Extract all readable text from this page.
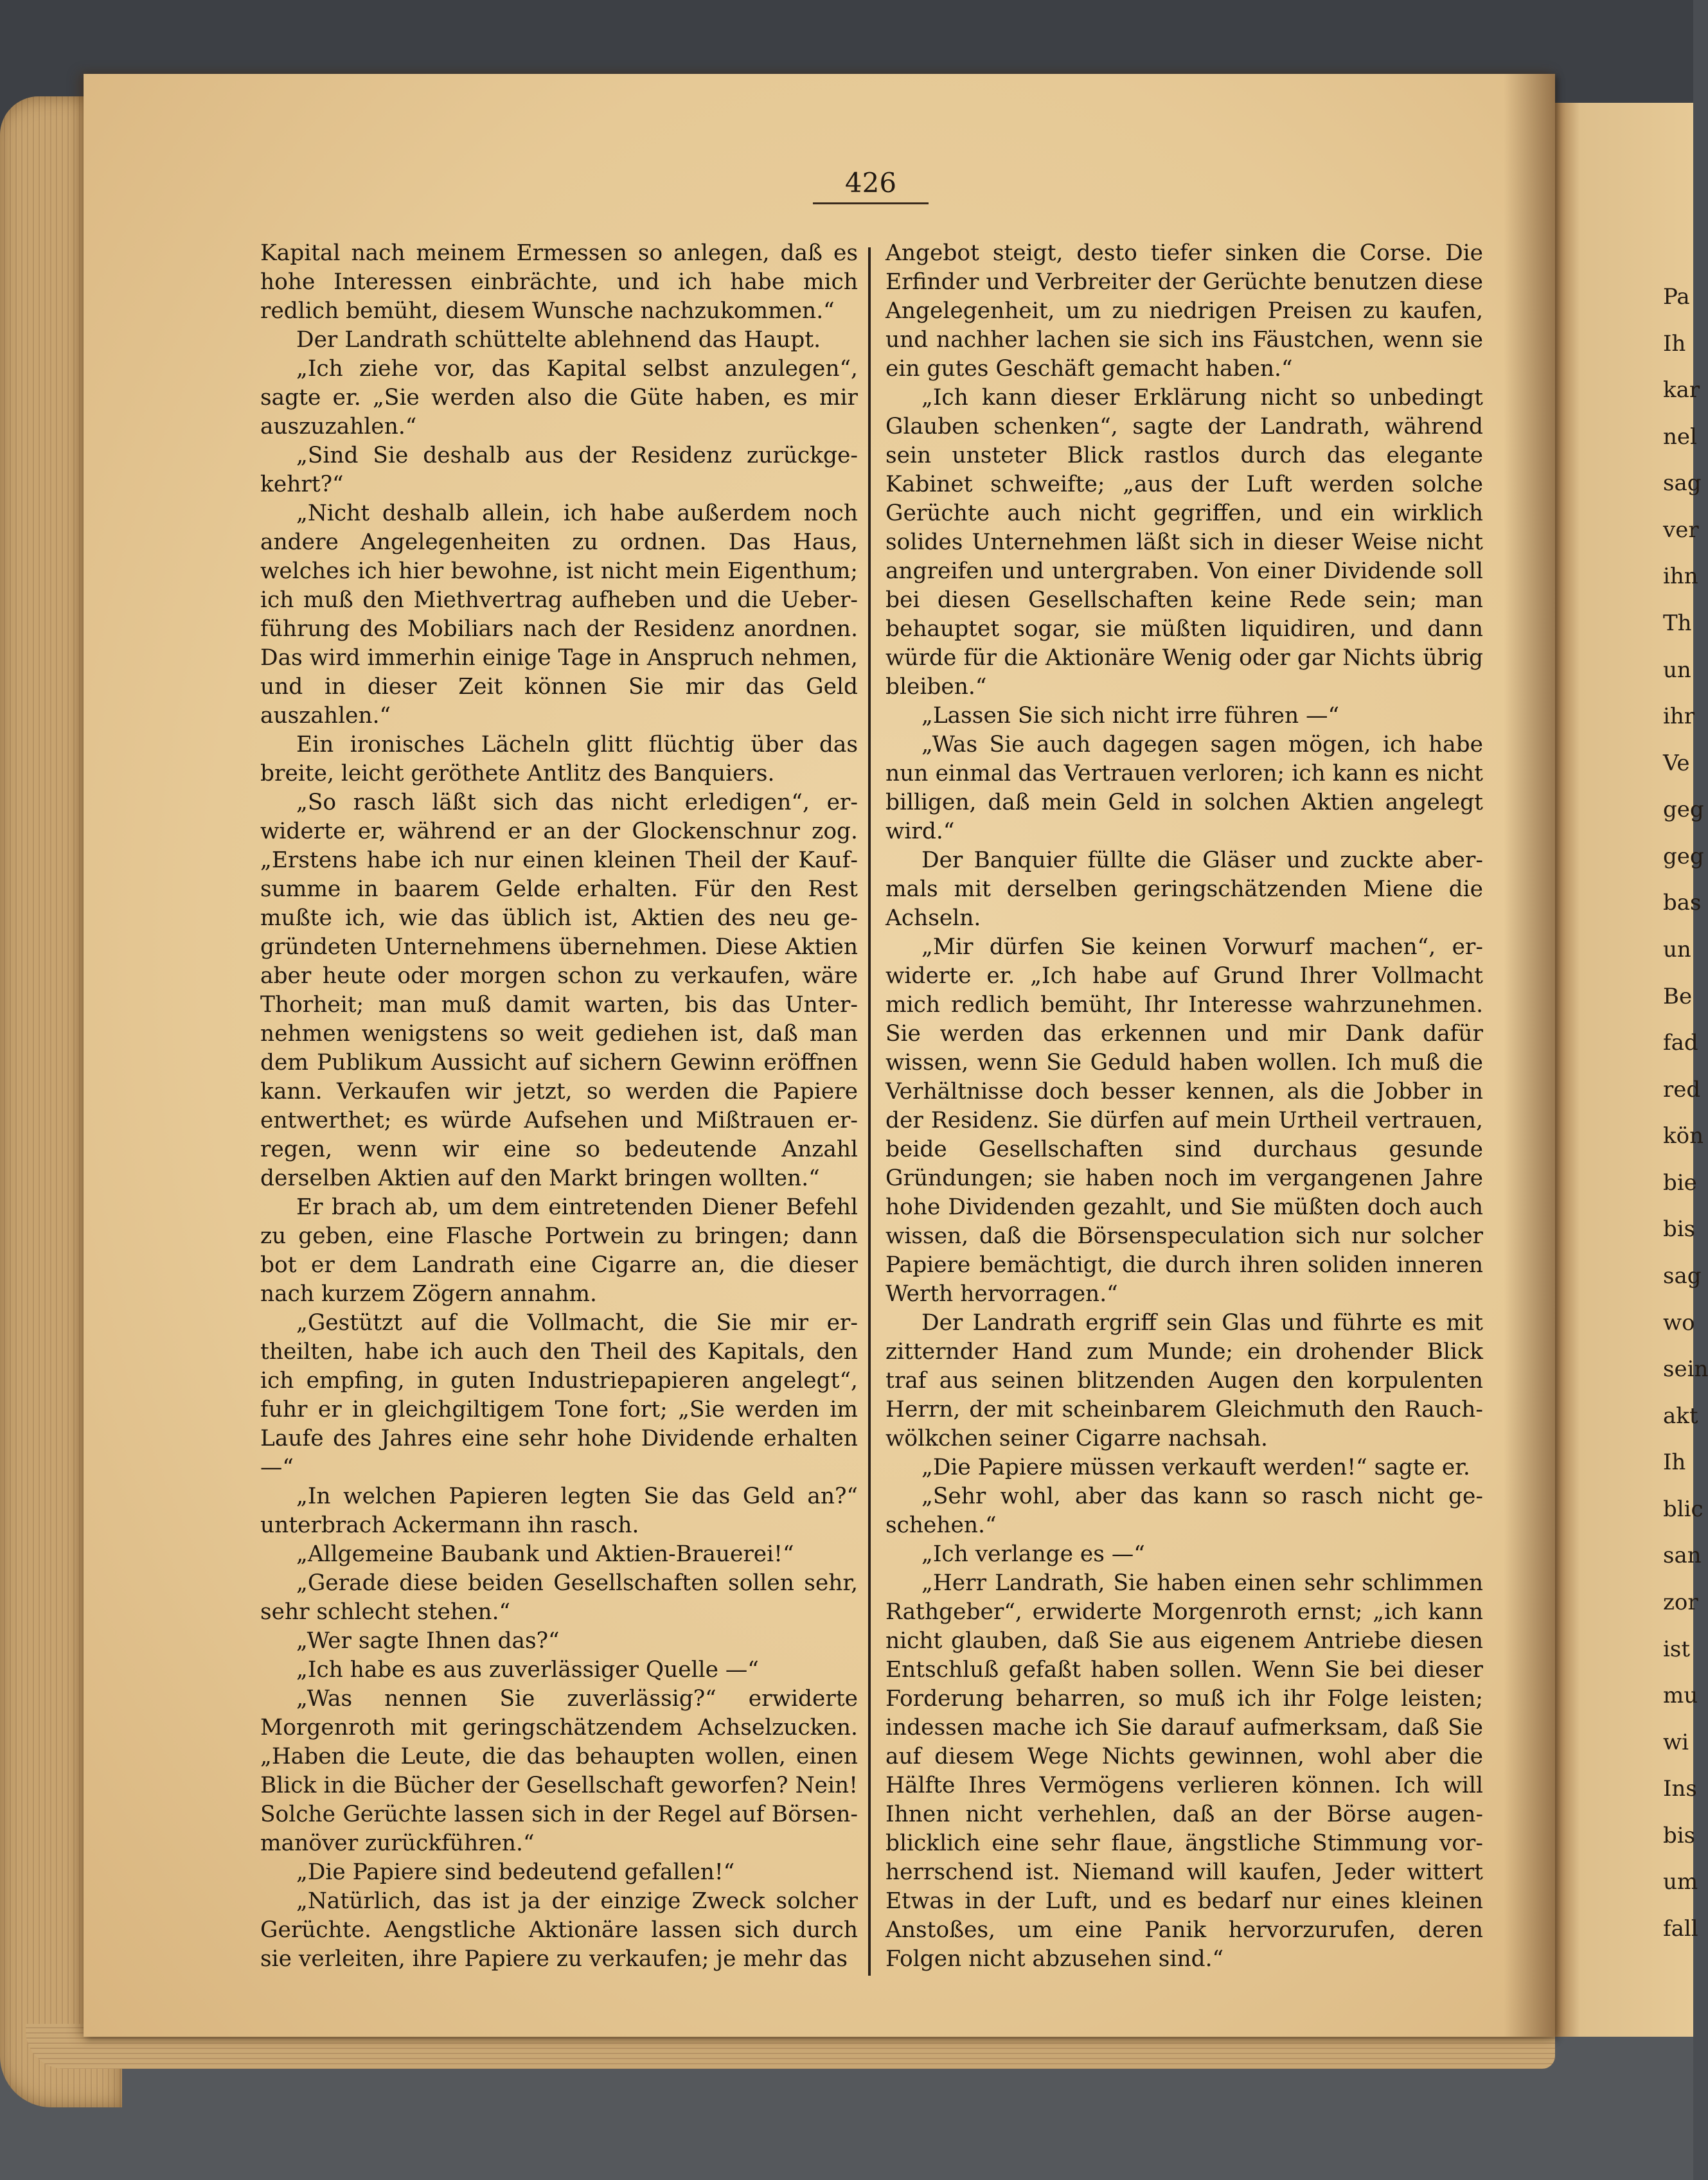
426

Kapital nach meinem Ermessen so anlegen, daß es hohe Interessen einbrächte, und ich habe mich redlich bemüht, diesem Wunsche nachzukommen.“

Der Landrath schüttelte ablehnend das Haupt.

„Ich ziehe vor, das Kapital selbst anzulegen“, sagte er. „Sie werden also die Güte haben, es mir auszuzahlen.“

„Sind Sie deshalb aus der Residenz zurückgekehrt?“

„Nicht deshalb allein, ich habe außerdem noch andere Angelegenheiten zu ordnen. Das Haus, welches ich hier bewohne, ist nicht mein Eigenthum; ich muß den Miethvertrag aufheben und die Ueberführung des Mobiliars nach der Residenz anordnen. Das wird immerhin einige Tage in Anspruch nehmen, und in dieser Zeit können Sie mir das Geld auszahlen.“

Ein ironisches Lächeln glitt flüchtig über das breite, leicht geröthete Antlitz des Banquiers.

„So rasch läßt sich das nicht erledigen“, erwiderte er, während er an der Glockenschnur zog. „Erstens habe ich nur einen kleinen Theil der Kaufsumme in baarem Gelde erhalten. Für den Rest mußte ich, wie das üblich ist, Aktien des neu gegründeten Unternehmens übernehmen. Diese Aktien aber heute oder morgen schon zu verkaufen, wäre Thorheit; man muß damit warten, bis das Unternehmen wenigstens so weit gediehen ist, daß man dem Publikum Aussicht auf sichern Gewinn eröffnen kann. Verkaufen wir jetzt, so werden die Papiere entwerthet; es würde Aufsehen und Mißtrauen erregen, wenn wir eine so bedeutende Anzahl derselben Aktien auf den Markt bringen wollten.“

Er brach ab, um dem eintretenden Diener Befehl zu geben, eine Flasche Portwein zu bringen; dann bot er dem Landrath eine Cigarre an, die dieser nach kurzem Zögern annahm.

„Gestützt auf die Vollmacht, die Sie mir ertheilten, habe ich auch den Theil des Kapitals, den ich empfing, in guten Industriepapieren angelegt“, fuhr er in gleichgiltigem Tone fort; „Sie werden im Laufe des Jahres eine sehr hohe Dividende erhalten —“

„In welchen Papieren legten Sie das Geld an?“ unterbrach Ackermann ihn rasch.

„Allgemeine Baubank und Aktien-Brauerei!“

„Gerade diese beiden Gesellschaften sollen sehr, sehr schlecht stehen.“

„Wer sagte Ihnen das?“

„Ich habe es aus zuverlässiger Quelle —“

„Was nennen Sie zuverlässig?“ erwiderte Morgenroth mit geringschätzendem Achselzucken. „Haben die Leute, die das behaupten wollen, einen Blick in die Bücher der Gesellschaft geworfen? Nein! Solche Gerüchte lassen sich in der Regel auf Börsenmanöver zurückführen.“

„Die Papiere sind bedeutend gefallen!“

„Natürlich, das ist ja der einzige Zweck solcher Gerüchte. Aengstliche Aktionäre lassen sich durch sie verleiten, ihre Papiere zu verkaufen; je mehr das

Angebot steigt, desto tiefer sinken die Corse. Die Erfinder und Verbreiter der Gerüchte benutzen diese Angelegenheit, um zu niedrigen Preisen zu kaufen, und nachher lachen sie sich ins Fäustchen, wenn sie ein gutes Geschäft gemacht haben.“

„Ich kann dieser Erklärung nicht so unbedingt Glauben schenken“, sagte der Landrath, während sein unsteter Blick rastlos durch das elegante Kabinet schweifte; „aus der Luft werden solche Gerüchte auch nicht gegriffen, und ein wirklich solides Unternehmen läßt sich in dieser Weise nicht angreifen und untergraben. Von einer Dividende soll bei diesen Gesellschaften keine Rede sein; man behauptet sogar, sie müßten liquidiren, und dann würde für die Aktionäre Wenig oder gar Nichts übrig bleiben.“

„Lassen Sie sich nicht irre führen —“

„Was Sie auch dagegen sagen mögen, ich habe nun einmal das Vertrauen verloren; ich kann es nicht billigen, daß mein Geld in solchen Aktien angelegt wird.“

Der Banquier füllte die Gläser und zuckte abermals mit derselben geringschätzenden Miene die Achseln.

„Mir dürfen Sie keinen Vorwurf machen“, erwiderte er. „Ich habe auf Grund Ihrer Vollmacht mich redlich bemüht, Ihr Interesse wahrzunehmen. Sie werden das erkennen und mir Dank dafür wissen, wenn Sie Geduld haben wollen. Ich muß die Verhältnisse doch besser kennen, als die Jobber in der Residenz. Sie dürfen auf mein Urtheil vertrauen, beide Gesellschaften sind durchaus gesunde Gründungen; sie haben noch im vergangenen Jahre hohe Dividenden gezahlt, und Sie müßten doch auch wissen, daß die Börsenspeculation sich nur solcher Papiere bemächtigt, die durch ihren soliden inneren Werth hervorragen.“

Der Landrath ergriff sein Glas und führte es mit zitternder Hand zum Munde; ein drohender Blick traf aus seinen blitzenden Augen den korpulenten Herrn, der mit scheinbarem Gleichmuth den Rauchwölkchen seiner Cigarre nachsah.

„Die Papiere müssen verkauft werden!“ sagte er.

„Sehr wohl, aber das kann so rasch nicht geschehen.“

„Ich verlange es —“

„Herr Landrath, Sie haben einen sehr schlimmen Rathgeber“, erwiderte Morgenroth ernst; „ich kann nicht glauben, daß Sie aus eigenem Antriebe diesen Entschluß gefaßt haben sollen. Wenn Sie bei dieser Forderung beharren, so muß ich ihr Folge leisten; indessen mache ich Sie darauf aufmerksam, daß Sie auf diesem Wege Nichts gewinnen, wohl aber die Hälfte Ihres Vermögens verlieren können. Ich will Ihnen nicht verhehlen, daß an der Börse augenblicklich eine sehr flaue, ängstliche Stimmung vorherrschend ist. Niemand will kaufen, Jeder wittert Etwas in der Luft, und es bedarf nur eines kleinen Anstoßes, um eine Panik hervorzurufen, deren Folgen nicht abzusehen sind.“

Pa
Ih
kar
nel
sag
ver
ihn
Th
un
ihr
Ve
geg
geg
bas
un
Be
fad
red
kön
bie
bis
sag
wo
sein
akt
Ih
blic
san
zor
ist
mu
wi
Ins
bis
um
fall
